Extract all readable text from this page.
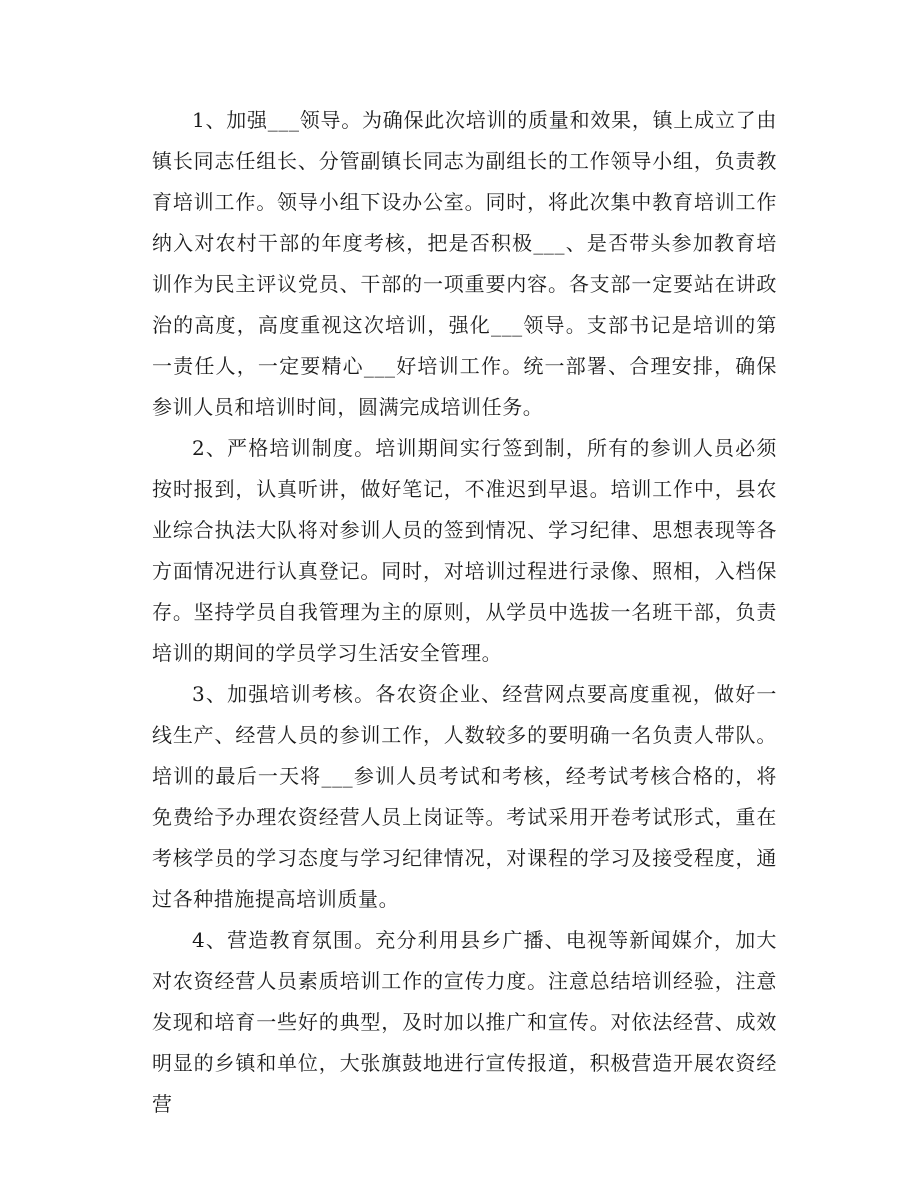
1、加强___领导。为确保此次培训的质量和效果，镇上成立了由镇长同志任组长、分管副镇长同志为副组长的工作领导小组，负责教育培训工作。领导小组下设办公室。同时，将此次集中教育培训工作纳入对农村干部的年度考核，把是否积极___、是否带头参加教育培训作为民主评议党员、干部的一项重要内容。各支部一定要站在讲政治的高度，高度重视这次培训，强化___领导。支部书记是培训的第一责任人，一定要精心___好培训工作。统一部署、合理安排，确保参训人员和培训时间，圆满完成培训任务。

2、严格培训制度。培训期间实行签到制，所有的参训人员必须按时报到，认真听讲，做好笔记，不准迟到早退。培训工作中，县农业综合执法大队将对参训人员的签到情况、学习纪律、思想表现等各方面情况进行认真登记。同时，对培训过程进行录像、照相，入档保存。坚持学员自我管理为主的原则，从学员中选拔一名班干部，负责培训的期间的学员学习生活安全管理。

3、加强培训考核。各农资企业、经营网点要高度重视，做好一线生产、经营人员的参训工作，人数较多的要明确一名负责人带队。培训的最后一天将___参训人员考试和考核，经考试考核合格的，将免费给予办理农资经营人员上岗证等。考试采用开卷考试形式，重在考核学员的学习态度与学习纪律情况，对课程的学习及接受程度，通过各种措施提高培训质量。

4、营造教育氛围。充分利用县乡广播、电视等新闻媒介，加大对农资经营人员素质培训工作的宣传力度。注意总结培训经验，注意发现和培育一些好的典型，及时加以推广和宣传。对依法经营、成效明显的乡镇和单位，大张旗鼓地进行宣传报道，积极营造开展农资经营
